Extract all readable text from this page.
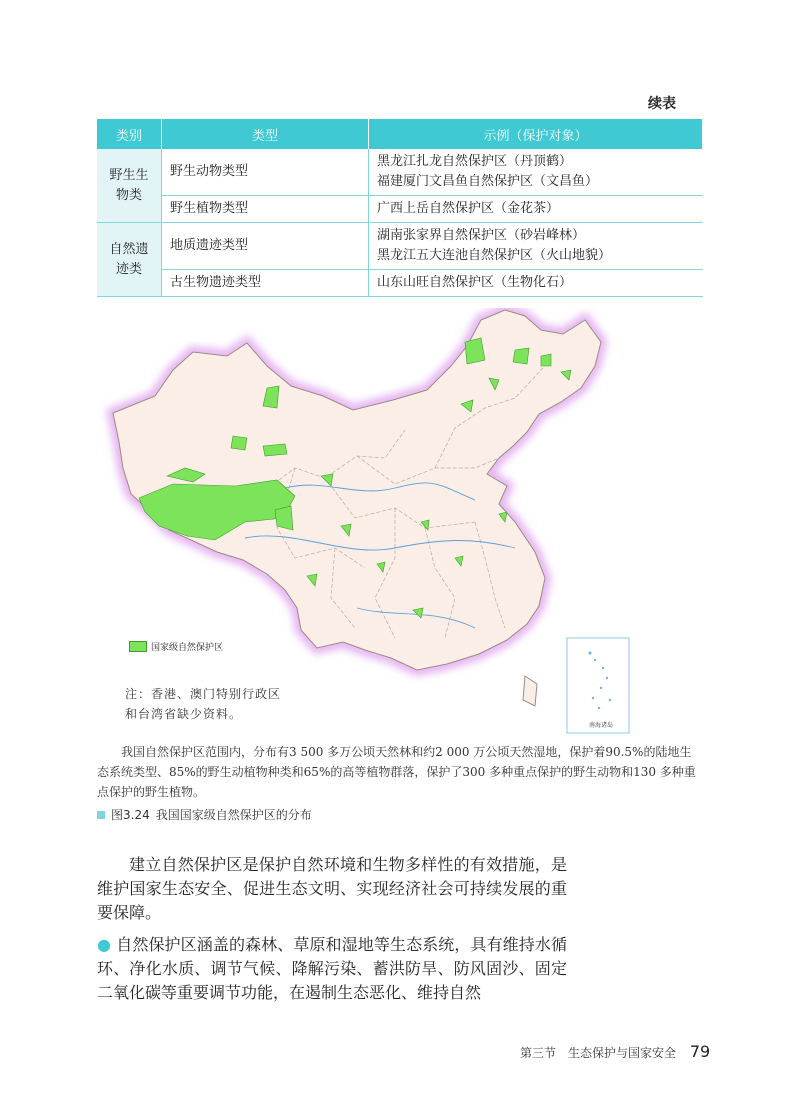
续表
类别	类型	示例（保护对象）
野生生物类	野生动物类型	黑龙江扎龙自然保护区（丹顶鹤）
福建厦门文昌鱼自然保护区（文昌鱼）

	野生植物类型	广西上岳自然保护区（金花茶）

自然遗迹类	地质遗迹类型	湖南张家界自然保护区（砂岩峰林）
黑龙江五大连池自然保护区（火山地貌）

	古生物遗迹类型	山东山旺自然保护区（生物化石）
南海诸岛
国家级自然保护区
注：香港、澳门特别行政区和台湾省缺少资料。

我国自然保护区范围内，分布有3 500 多万公顷天然林和约2 000 万公顷天然湿地，保护着90.5%的陆地生态系统类型、85%的野生动植物种类和65%的高等植物群落，保护了300 多种重点保护的野生动物和130 多种重点保护的野生植物。

图3.24 我国国家级自然保护区的分布

建立自然保护区是保护自然环境和生物多样性的有效措施，是维护国家生态安全、促进生态文明、实现经济社会可持续发展的重要保障。

● 自然保护区涵盖的森林、草原和湿地等生态系统，具有维持水循环、净化水质、调节气候、降解污染、蓄洪防旱、防风固沙、固定二氧化碳等重要调节功能，在遏制生态恶化、维持自然

第三节　生态保护与国家安全 79
